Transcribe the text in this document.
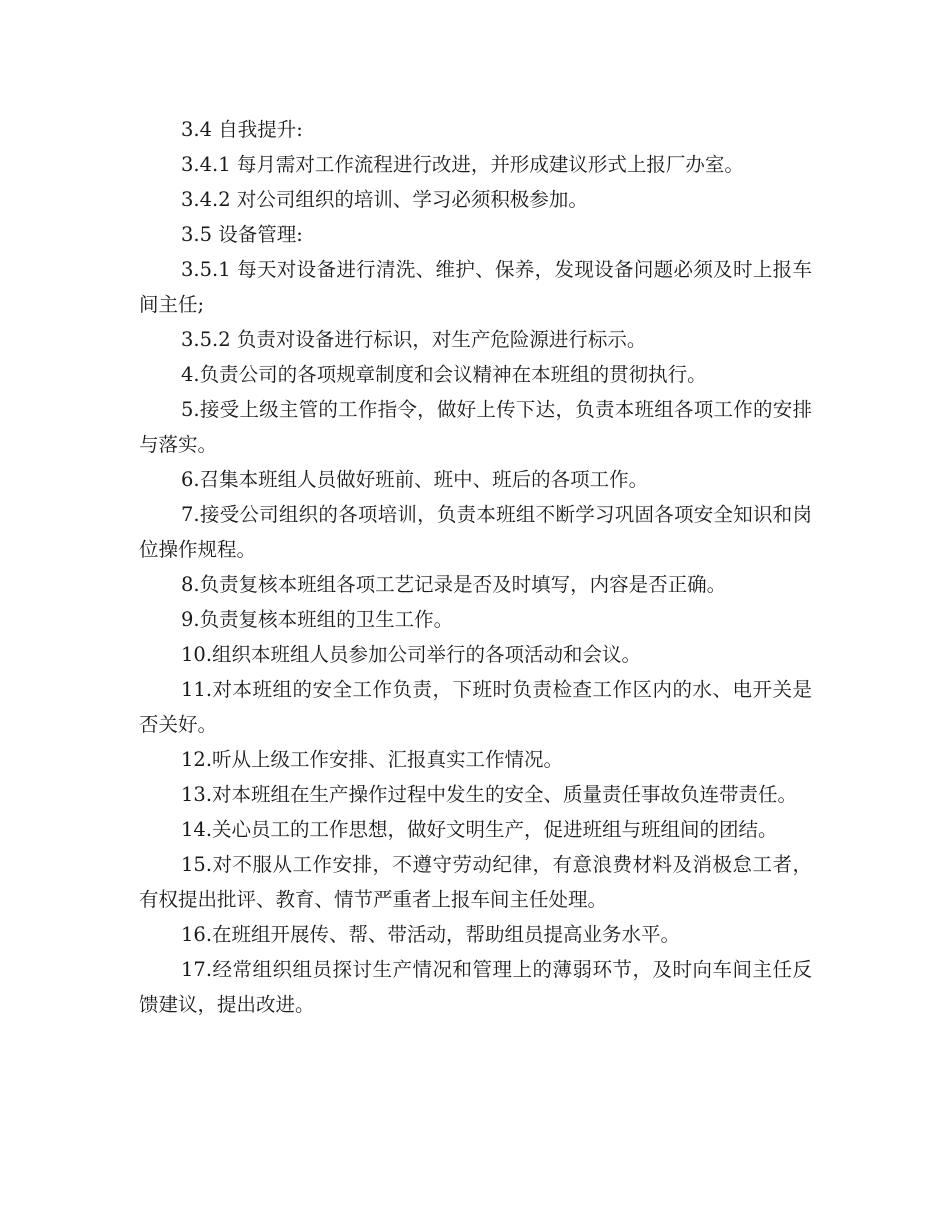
3.4 自我提升:

3.4.1 每月需对工作流程进行改进，并形成建议形式上报厂办室。

3.4.2 对公司组织的培训、学习必须积极参加。

3.5 设备管理:

3.5.1 每天对设备进行清洗、维护、保养，发现设备问题必须及时上报车间主任;

3.5.2 负责对设备进行标识，对生产危险源进行标示。

4.负责公司的各项规章制度和会议精神在本班组的贯彻执行。

5.接受上级主管的工作指令，做好上传下达，负责本班组各项工作的安排与落实。

6.召集本班组人员做好班前、班中、班后的各项工作。

7.接受公司组织的各项培训，负责本班组不断学习巩固各项安全知识和岗位操作规程。

8.负责复核本班组各项工艺记录是否及时填写，内容是否正确。

9.负责复核本班组的卫生工作。

10.组织本班组人员参加公司举行的各项活动和会议。

11.对本班组的安全工作负责，下班时负责检查工作区内的水、电开关是否关好。

12.听从上级工作安排、汇报真实工作情况。

13.对本班组在生产操作过程中发生的安全、质量责任事故负连带责任。

14.关心员工的工作思想，做好文明生产，促进班组与班组间的团结。

15.对不服从工作安排，不遵守劳动纪律，有意浪费材料及消极怠工者，有权提出批评、教育、情节严重者上报车间主任处理。

16.在班组开展传、帮、带活动，帮助组员提高业务水平。

17.经常组织组员探讨生产情况和管理上的薄弱环节，及时向车间主任反馈建议，提出改进。
